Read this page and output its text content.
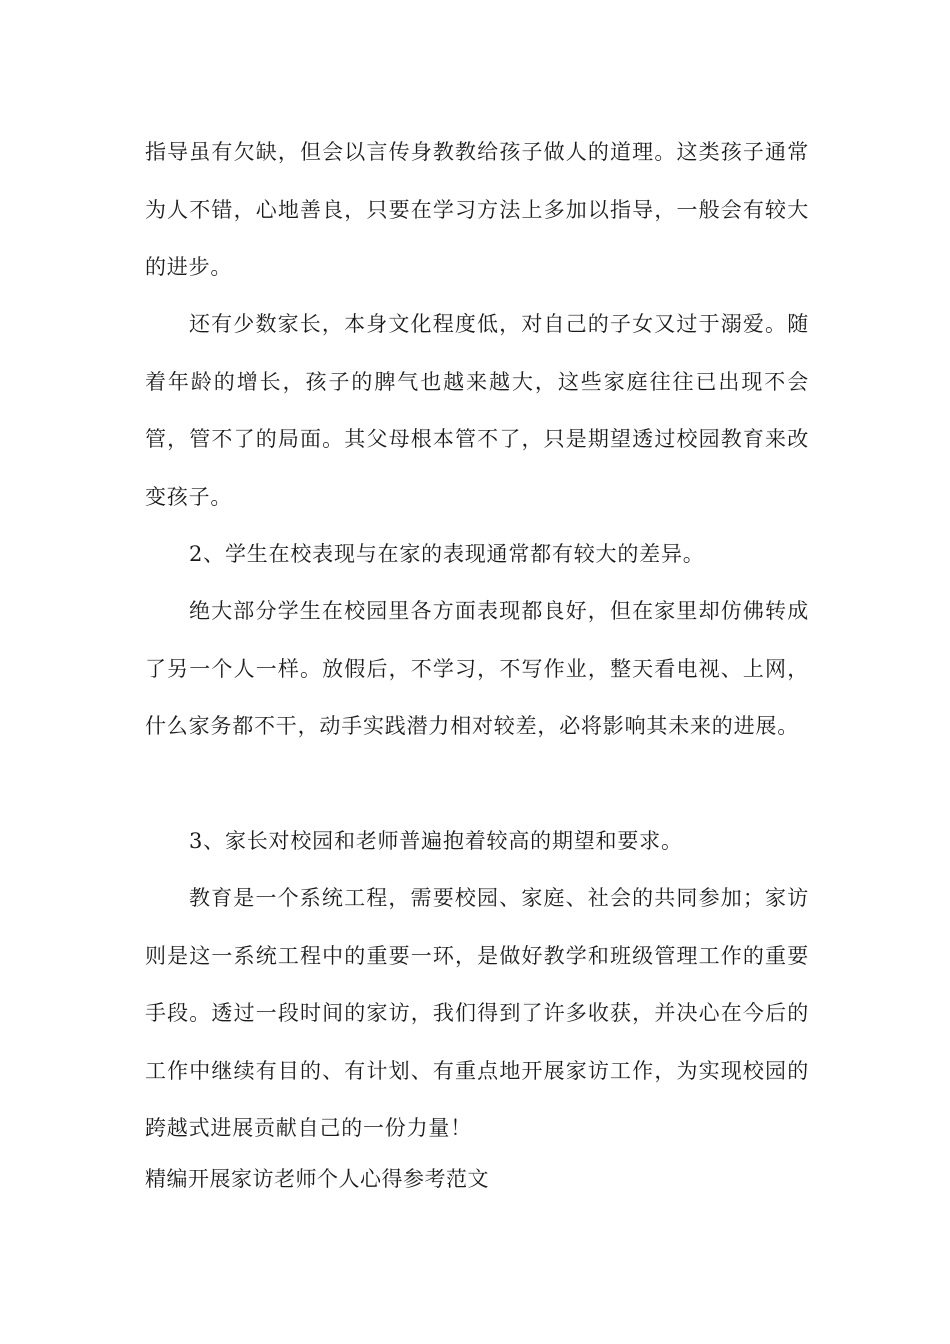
指导虽有欠缺，但会以言传身教教给孩子做人的道理。这类孩子通常为人不错，心地善良，只要在学习方法上多加以指导，一般会有较大的进步。

还有少数家长，本身文化程度低，对自己的子女又过于溺爱。随着年龄的增长，孩子的脾气也越来越大，这些家庭往往已出现不会管，管不了的局面。其父母根本管不了，只是期望透过校园教育来改变孩子。

2、学生在校表现与在家的表现通常都有较大的差异。

绝大部分学生在校园里各方面表现都良好，但在家里却仿佛转成了另一个人一样。放假后，不学习，不写作业，整天看电视、上网，什么家务都不干，动手实践潜力相对较差，必将影响其未来的进展。

3、家长对校园和老师普遍抱着较高的期望和要求。

教育是一个系统工程，需要校园、家庭、社会的共同参加；家访则是这一系统工程中的重要一环，是做好教学和班级管理工作的重要手段。透过一段时间的家访，我们得到了许多收获，并决心在今后的工作中继续有目的、有计划、有重点地开展家访工作，为实现校园的跨越式进展贡献自己的一份力量！

精编开展家访老师个人心得参考范文
